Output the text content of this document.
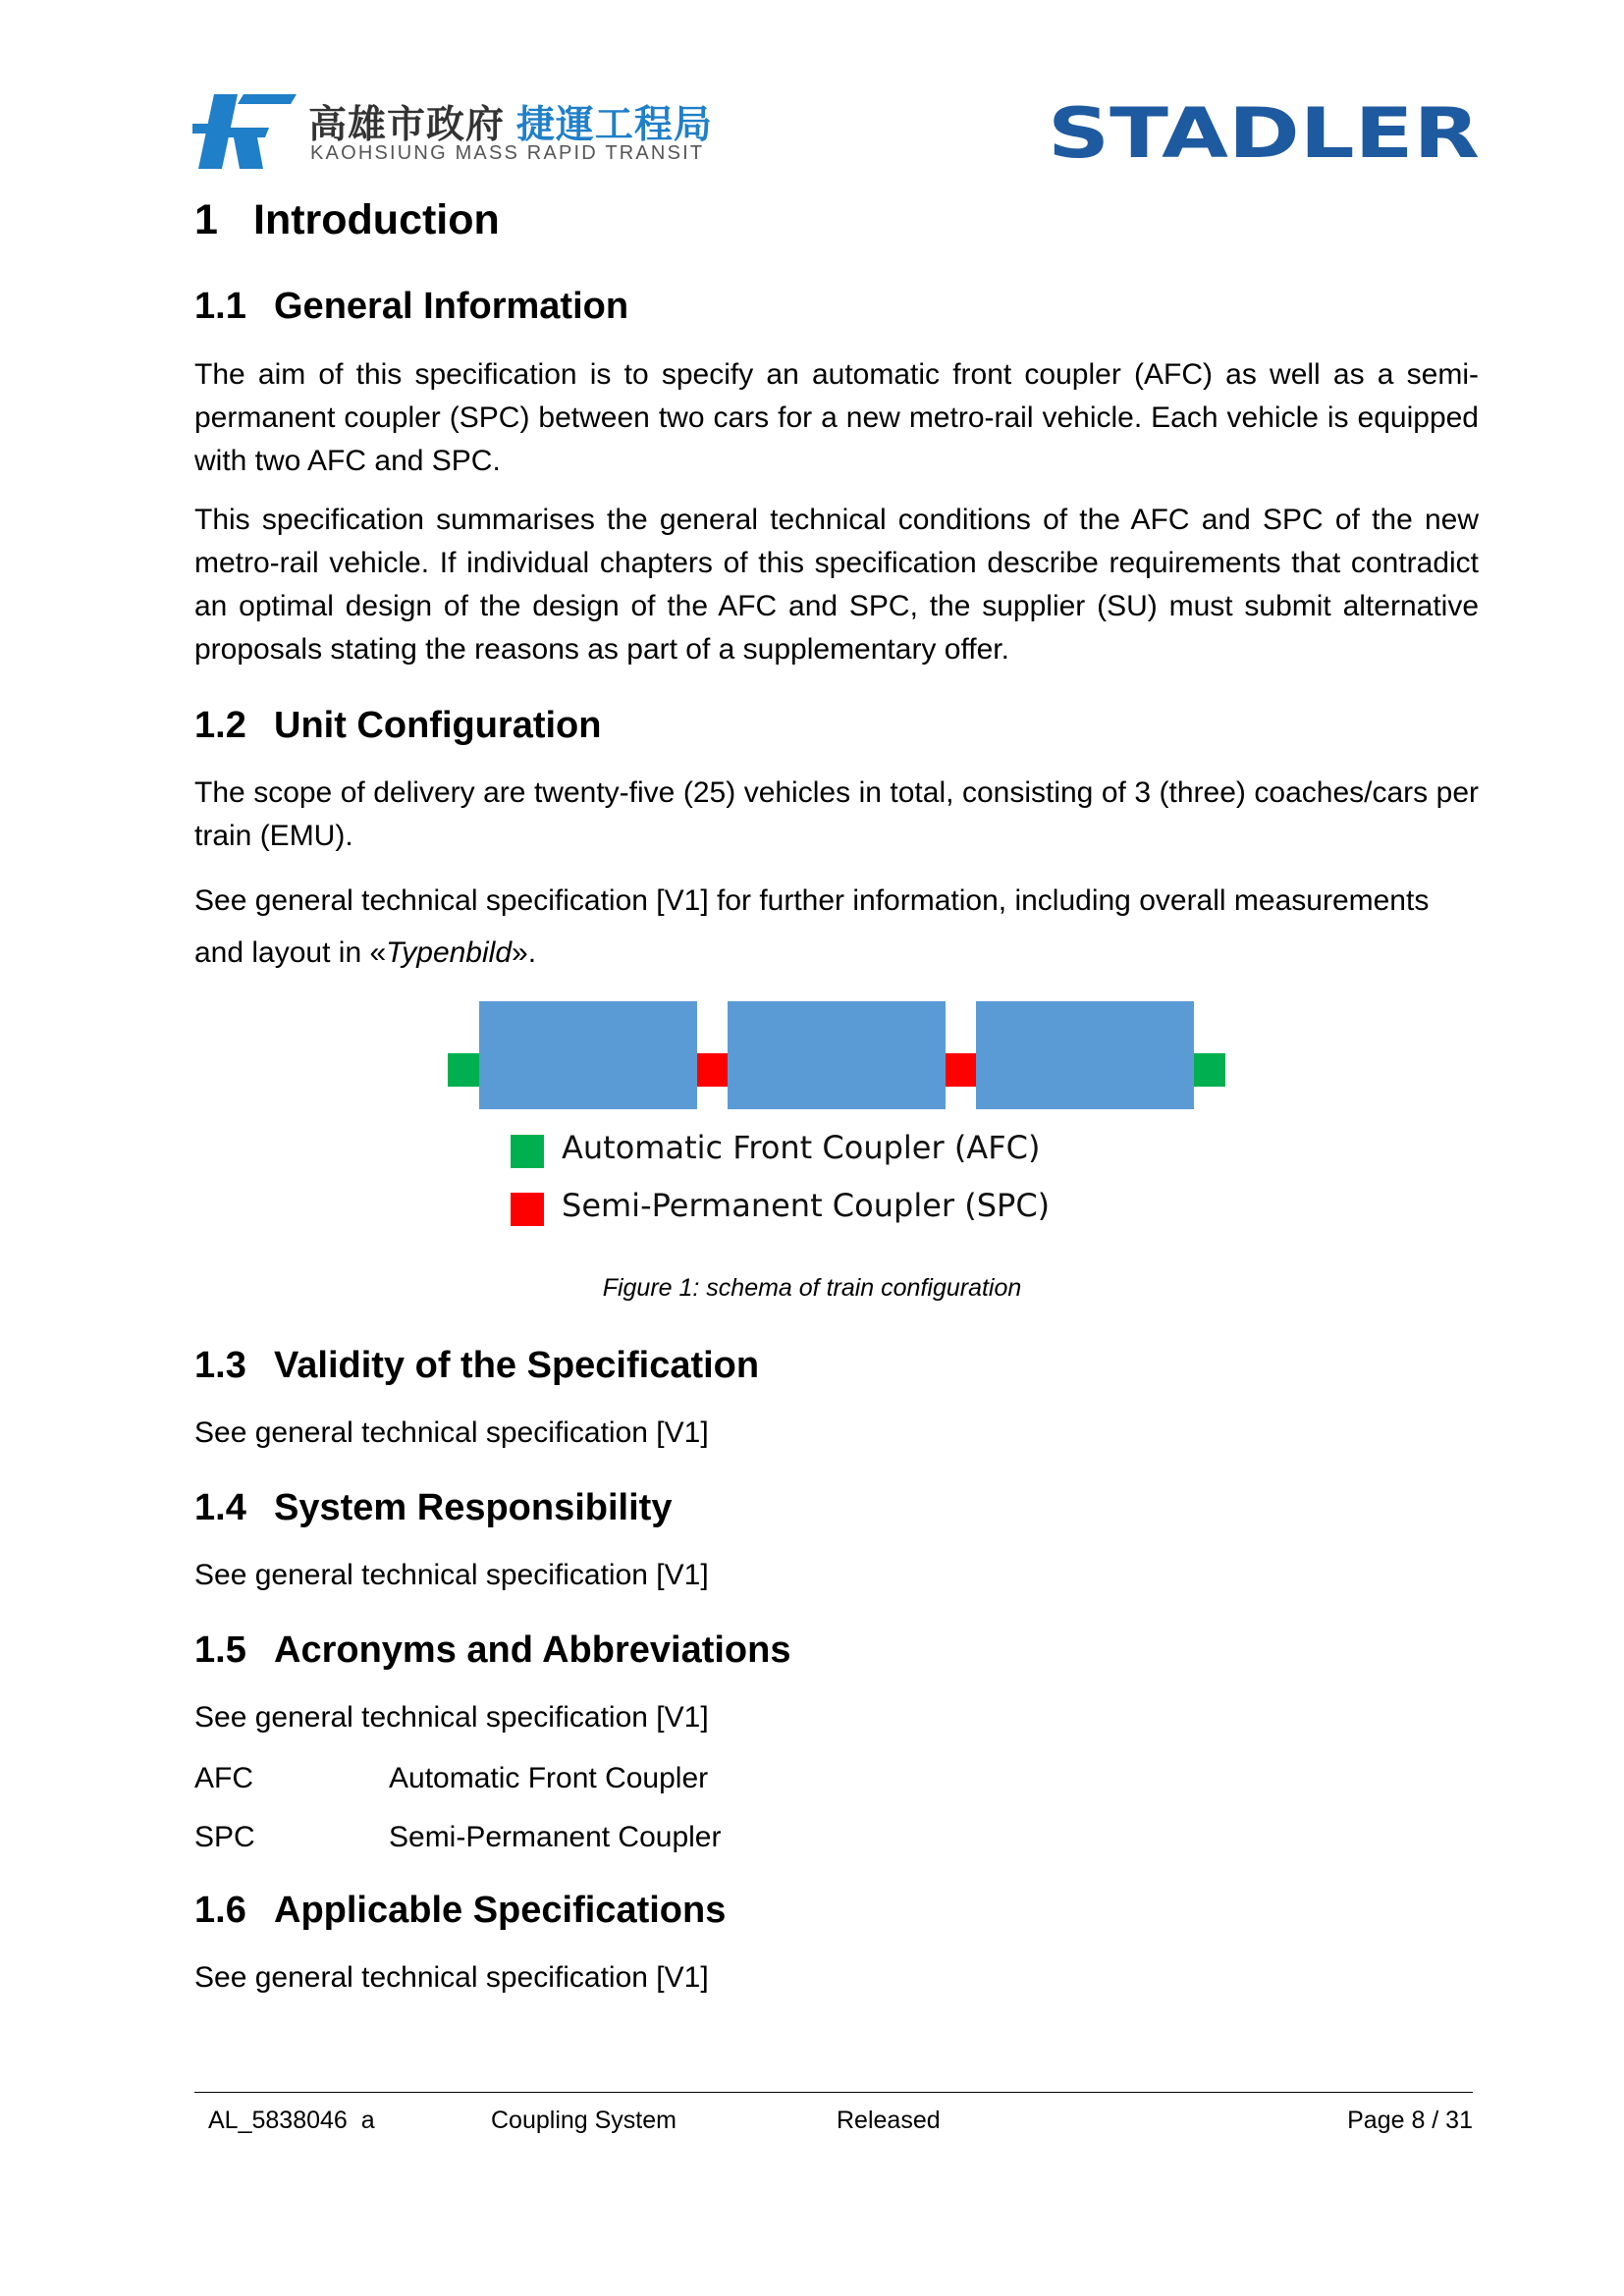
高雄市政府 捷運工程局
KAOHSIUNG MASS RAPID TRANSIT	STADLER
1 Introduction
1.1 General Information
The aim of this specification is to specify an automatic front coupler (AFC) as well as a semi-permanent coupler (SPC) between two cars for a new metro-rail vehicle. Each vehicle is equipped with two AFC and SPC.
This specification summarises the general technical conditions of the AFC and SPC of the new metro-rail vehicle. If individual chapters of this specification describe requirements that contradict an optimal design of the design of the AFC and SPC, the supplier (SU) must submit alternative proposals stating the reasons as part of a supplementary offer.
1.2 Unit Configuration
The scope of delivery are twenty-five (25) vehicles in total, consisting of 3 (three) coaches/cars per train (EMU).
See general technical specification [V1] for further information, including overall measurements and layout in «Typenbild».
Automatic Front Coupler (AFC)
Semi-Permanent Coupler (SPC)
Figure 1: schema of train configuration
1.3 Validity of the Specification
See general technical specification [V1]
1.4 System Responsibility
See general technical specification [V1]
1.5 Acronyms and Abbreviations
See general technical specification [V1]
AFC	Automatic Front Coupler
SPC	Semi-Permanent Coupler
1.6 Applicable Specifications
See general technical specification [V1]
AL_5838046  a	Coupling System	Released	Page 8 / 31
